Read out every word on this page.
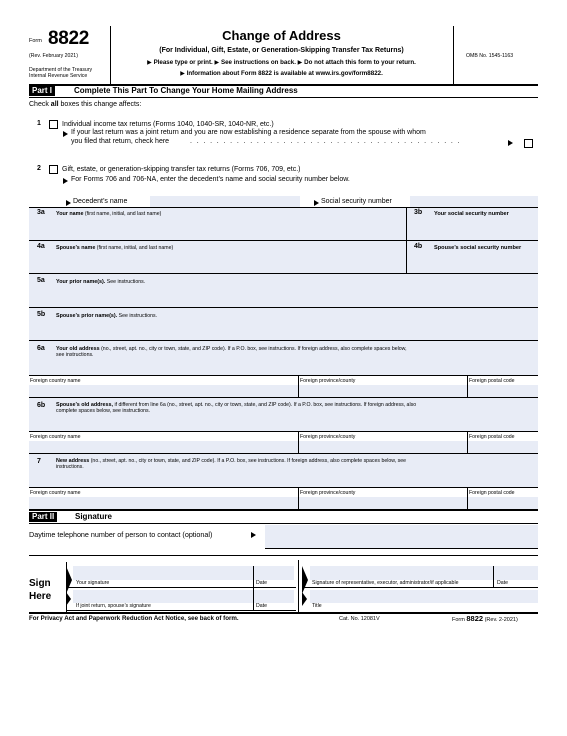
Form 8822
(Rev. February 2021)
Department of the Treasury
Internal Revenue Service
Change of Address
(For Individual, Gift, Estate, or Generation-Skipping Transfer Tax Returns)
▶ Please type or print. ▶ See instructions on back. ▶ Do not attach this form to your return.
▶ Information about Form 8822 is available at www.irs.gov/form8822.
OMB No. 1545-1163
Part I	Complete This Part To Change Your Home Mailing Address
Check all boxes this change affects:
1	Individual income tax returns (Forms 1040, 1040-SR, 1040-NR, etc.)
If your last return was a joint return and you are now establishing a residence separate from the spouse with whom
you filed that return, check here	. . . . . . . . . . . . . . . . . . . . . . . . . . . . . . . . . . . . . . . . .
2	Gift, estate, or generation-skipping transfer tax returns (Forms 706, 709, etc.)
For Forms 706 and 706-NA, enter the decedent’s name and social security number below.
Decedent’s name	Social security number
3a Your name (first name, initial, and last name)	3b Your social security number
4a Spouse’s name (first name, initial, and last name)	4b Spouse’s social security number
5a Your prior name(s). See instructions.
5b Spouse’s prior name(s). See instructions.
6a Your old address (no., street, apt. no., city or town, state, and ZIP code). If a P.O. box, see instructions. If foreign address, also complete spaces below,
see instructions.
Foreign country name	Foreign province/county	Foreign postal code
6b Spouse’s old address, if different from line 6a (no., street, apt. no., city or town, state, and ZIP code). If a P.O. box, see instructions. If foreign address, also
complete spaces below, see instructions.
Foreign country name	Foreign province/county	Foreign postal code
7	New address (no., street, apt. no., city or town, state, and ZIP code). If a P.O. box, see instructions. If foreign address, also complete spaces below, see
instructions.
Foreign country name	Foreign province/county	Foreign postal code
Part II	Signature
Daytime telephone number of person to contact (optional)
Sign
Here
Your signature	Date
If joint return, spouse’s signature	Date
Signature of representative, executor, administrator/if applicable	Date
Title
For Privacy Act and Paperwork Reduction Act Notice, see back of form.	Cat. No. 12081V	Form 8822 (Rev. 2-2021)
